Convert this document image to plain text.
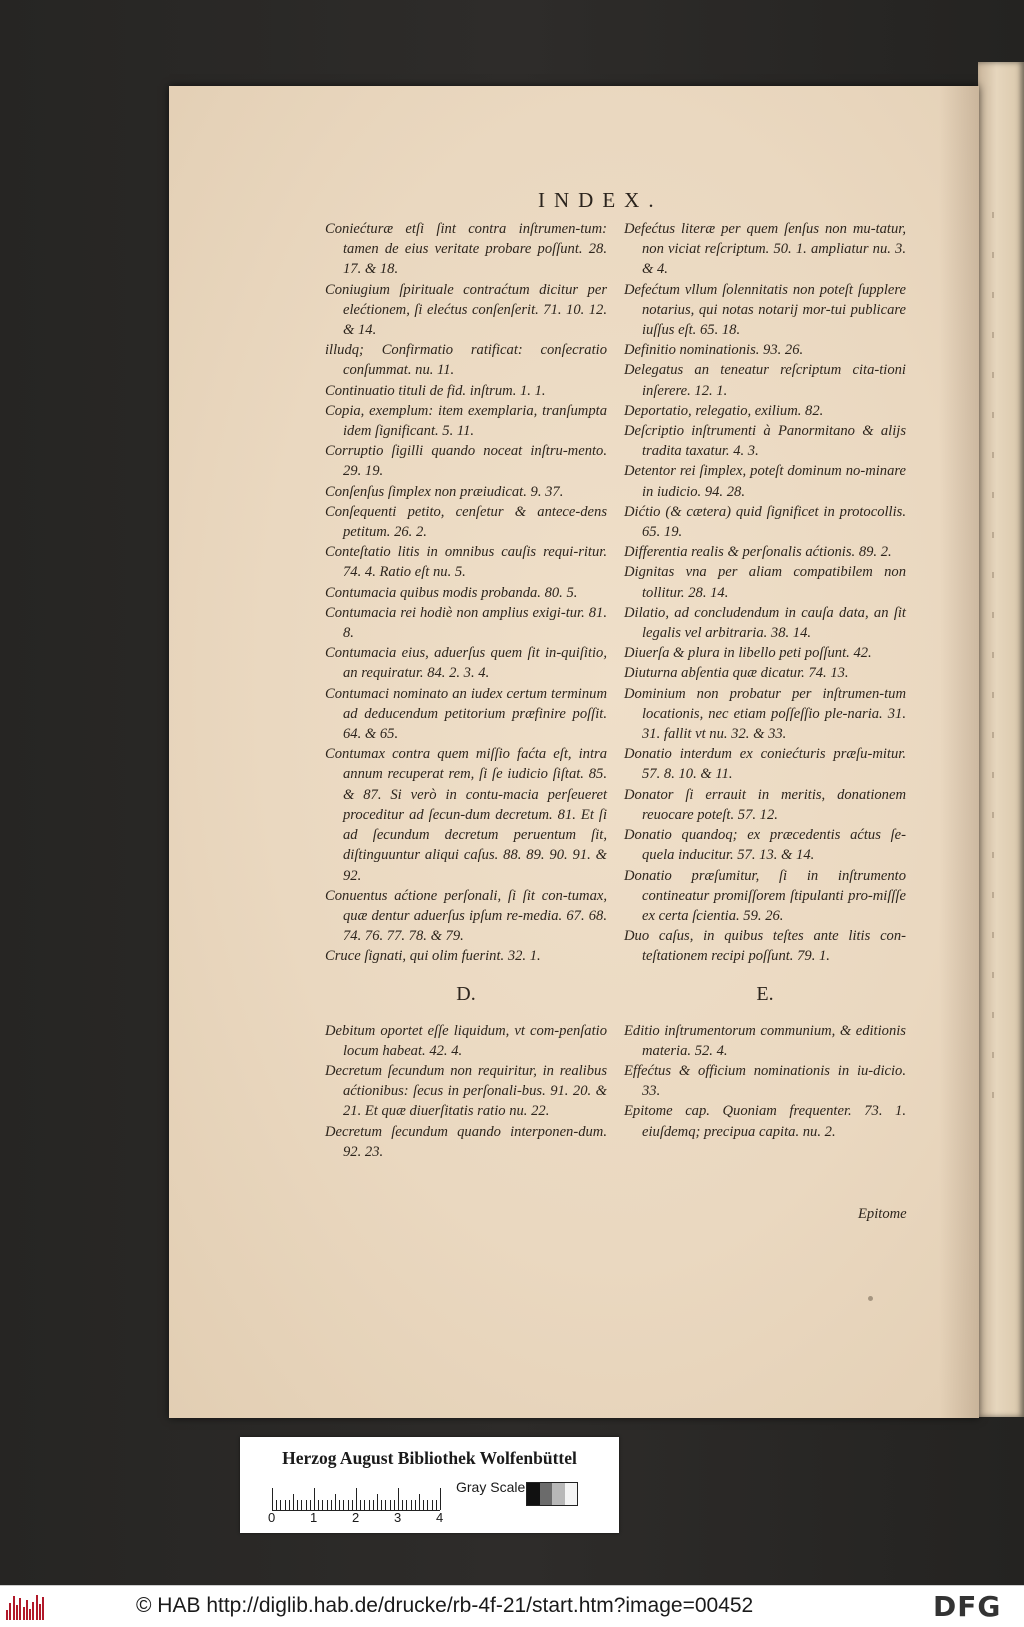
INDEX.

Coniećturæ etſi ſint contra inſtrumen-tum: tamen de eius veritate probare poſſunt. 28. 17. & 18.

Coniugium ſpirituale contraćtum dicitur per elećtionem, ſi elećtus conſenſerit. 71. 10. 12. & 14.

illudq; Confirmatio ratificat: conſecratio conſummat. nu. 11.

Continuatio tituli de fid. inſtrum. 1. 1.

Copia, exemplum: item exemplaria, tranſumpta idem ſignificant. 5. 11.

Corruptio ſigilli quando noceat inſtru-mento. 29. 19.

Conſenſus ſimplex non præiudicat. 9. 37.

Conſequenti petito, cenſetur & antece-dens petitum. 26. 2.

Conteſtatio litis in omnibus cauſis requi-ritur. 74. 4. Ratio eſt nu. 5.

Contumacia quibus modis probanda. 80. 5.

Contumacia rei hodiè non amplius exigi-tur. 81. 8.

Contumacia eius, aduerſus quem ſit in-quiſitio, an requiratur. 84. 2. 3. 4.

Contumaci nominato an iudex certum terminum ad deducendum petitorium præfinire poſſit. 64. & 65.

Contumax contra quem miſſio faćta eſt, intra annum recuperat rem, ſi ſe iudicio ſiſtat. 85. & 87. Si verò in contu-macia perſeueret proceditur ad ſecun-dum decretum. 81. Et ſi ad ſecundum decretum peruentum ſit, diſtinguuntur aliqui caſus. 88. 89. 90. 91. & 92.

Conuentus aćtione perſonali, ſi ſit con-tumax, quæ dentur aduerſus ipſum re-media. 67. 68. 74. 76. 77. 78. & 79.

Cruce ſignati, qui olim fuerint. 32. 1.

D.

Debitum oportet eſſe liquidum, vt com-penſatio locum habeat. 42. 4.

Decretum ſecundum non requiritur, in realibus aćtionibus: ſecus in perſonali-bus. 91. 20. & 21. Et quæ diuerſitatis ratio nu. 22.

Decretum ſecundum quando interponen-dum. 92. 23.

Defećtus literæ per quem ſenſus non mu-tatur, non viciat reſcriptum. 50. 1. ampliatur nu. 3. & 4.

Defećtum vllum ſolennitatis non poteſt ſupplere notarius, qui notas notarij mor-tui publicare iuſſus eſt. 65. 18.

Definitio nominationis. 93. 26.

Delegatus an teneatur reſcriptum cita-tioni inſerere. 12. 1.

Deportatio, relegatio, exilium. 82.

Deſcriptio inſtrumenti à Panormitano & alijs tradita taxatur. 4. 3.

Detentor rei ſimplex, poteſt dominum no-minare in iudicio. 94. 28.

Dićtio (& cætera) quid ſignificet in protocollis. 65. 19.

Differentia realis & perſonalis aćtionis. 89. 2.

Dignitas vna per aliam compatibilem non tollitur. 28. 14.

Dilatio, ad concludendum in cauſa data, an ſit legalis vel arbitraria. 38. 14.

Diuerſa & plura in libello peti poſſunt. 42.

Diuturna abſentia quæ dicatur. 74. 13.

Dominium non probatur per inſtrumen-tum locationis, nec etiam poſſeſſio ple-naria. 31. 31. fallit vt nu. 32. & 33.

Donatio interdum ex coniećturis præſu-mitur. 57. 8. 10. & 11.

Donator ſi errauit in meritis, donationem reuocare poteſt. 57. 12.

Donatio quandoq; ex præcedentis aćtus ſe-quela inducitur. 57. 13. & 14.

Donatio præſumitur, ſi in inſtrumento contineatur promiſſorem ſtipulanti pro-miſſſe ex certa ſcientia. 59. 26.

Duo caſus, in quibus teſtes ante litis con-teſtationem recipi poſſunt. 79. 1.

E.

Editio inſtrumentorum communium, & editionis materia. 52. 4.

Effećtus & officium nominationis in iu-dicio. 33.

Epitome cap. Quoniam frequenter. 73. 1. eiuſdemq; precipua capita. nu. 2.

Epitome
Herzog August Bibliothek Wolfenbüttel
0	1	2	3	4
Gray Scale
© HAB http://diglib.hab.de/drucke/rb-4f-21/start.htm?image=00452	DFG
